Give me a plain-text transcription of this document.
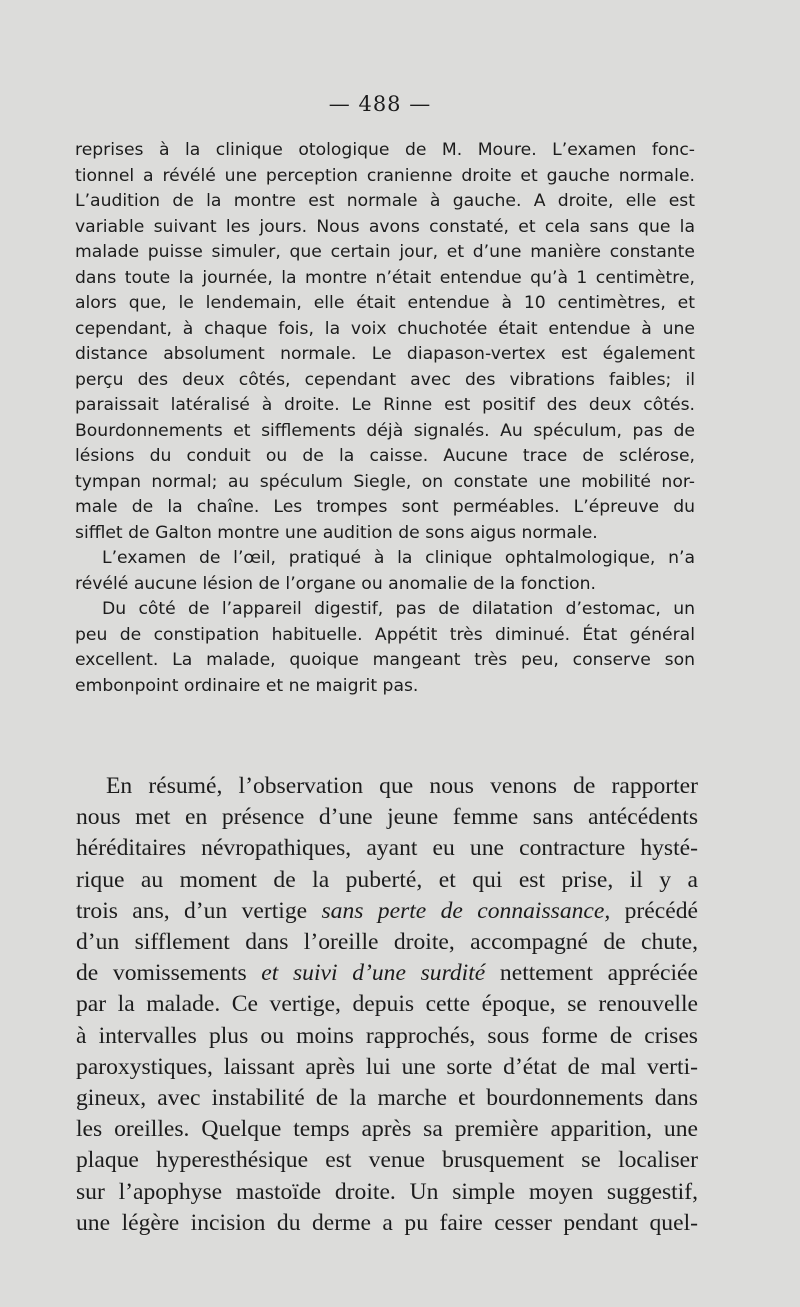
— 488 —
reprises à la clinique otologique de M. Moure. L’examen fonc-
tionnel a révélé une perception cranienne droite et gauche normale.
L’audition de la montre est normale à gauche. A droite, elle est
variable suivant les jours. Nous avons constaté, et cela sans que la
malade puisse simuler, que certain jour, et d’une manière constante
dans toute la journée, la montre n’était entendue qu’à 1 centimètre,
alors que, le lendemain, elle était entendue à 10 centimètres, et
cependant, à chaque fois, la voix chuchotée était entendue à une
distance absolument normale. Le diapason-vertex est également
perçu des deux côtés, cependant avec des vibrations faibles; il
paraissait latéralisé à droite. Le Rinne est positif des deux côtés.
Bourdonnements et sifflements déjà signalés. Au spéculum, pas de
lésions du conduit ou de la caisse. Aucune trace de sclérose,
tympan normal; au spéculum Siegle, on constate une mobilité nor-
male de la chaîne. Les trompes sont perméables. L’épreuve du
sifflet de Galton montre une audition de sons aigus normale.
L’examen de l’œil, pratiqué à la clinique ophtalmologique, n’a
révélé aucune lésion de l’organe ou anomalie de la fonction.
Du côté de l’appareil digestif, pas de dilatation d’estomac, un
peu de constipation habituelle. Appétit très diminué. État général
excellent. La malade, quoique mangeant très peu, conserve son
embonpoint ordinaire et ne maigrit pas.
En résumé, l’observation que nous venons de rapporter
nous met en présence d’une jeune femme sans antécédents
héréditaires névropathiques, ayant eu une contracture hysté-
rique au moment de la puberté, et qui est prise, il y a
trois ans, d’un vertige sans perte de connaissance, précédé
d’un sifflement dans l’oreille droite, accompagné de chute,
de vomissements et suivi d’une surdité nettement appréciée
par la malade. Ce vertige, depuis cette époque, se renouvelle
à intervalles plus ou moins rapprochés, sous forme de crises
paroxystiques, laissant après lui une sorte d’état de mal verti-
gineux, avec instabilité de la marche et bourdonnements dans
les oreilles. Quelque temps après sa première apparition, une
plaque hyperesthésique est venue brusquement se localiser
sur l’apophyse mastoïde droite. Un simple moyen suggestif,
une légère incision du derme a pu faire cesser pendant quel-
